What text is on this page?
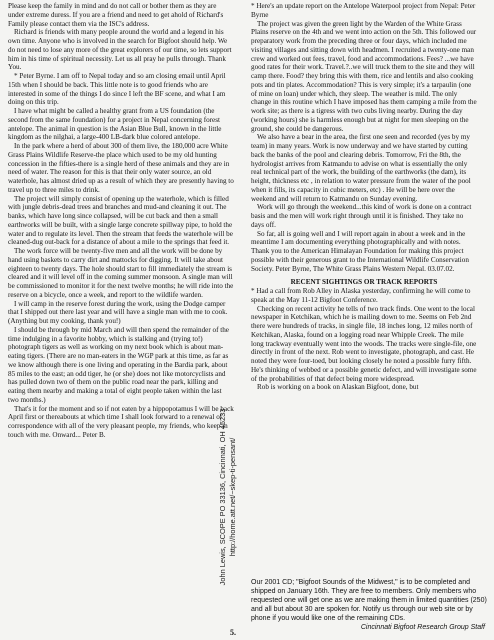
Please keep the family in mind and do not call or bother them as they are under extreme duress. If you are a friend and need to get ahold of Richard's Family please contact them via the ISC's address.

Richard is friends with many people around the world and a legend in his own time. Anyone who is involved in the search for Bigfoot should help. We do not need to lose any more of the great explorers of our time, so lets support him in his time of spiritual necessity. Let us all pray he pulls through. Thank You.

* Peter Byrne. I am off to Nepal today and so am closing email until April 15th when I should be back. This little note is to good friends who are interested in some of the things I do since I left the BF scene, and what I am doing on this trip.

I have what might be called a healthy grant from a US foundation (the second from the same foundation) for a project in Nepal concerning forest antelope. The animal in question is the Asian Blue Bull, known in the little kingdom as the nilghai, a large-400 LB-dark blue colored antelope.

In the park where a herd of about 300 of them live, the 180,000 acre White Grass Plains Wildlife Reserve-the place which used to be my old hunting concession in the fifties-there is a single herd of these animals and they are in need of water. The reason for this is that their only water source, an old waterhole, has almost dried up as a result of which they are presently having to travel up to three miles to drink.

The project will simply consist of opening up the waterhole, which is filled with jungle debris-dead trees and branches and mud-and cleaning it out. The banks, which have long since collapsed, will be cut back and then a small earthworks will be built, with a single large concrete spillway pipe, to hold the water and to regulate its level. Then the stream that feeds the waterhole will be cleaned-dug out-back for a distance of about a mile to the springs that feed it.

The work force will be twenty-five men and all the work will be done by hand using baskets to carry dirt and mattocks for digging. It will take about eighteen to twenty days. The hole should start to fill immediately the stream is cleared and it will level off in the coming summer monsoon. A single man will be commissioned to monitor it for the next twelve months; he will ride into the reserve on a bicycle, once a week, and report to the wildlife warden.

I will camp in the reserve forest during the work, using the Dodge camper that I shipped out there last year and will have a single man with me to cook. (Anything but my cooking, thank you!)

I should be through by mid March and will then spend the remainder of the time indulging in a favorite hobby, which is stalking and (trying to!) photograph tigers as well as working on my next book which is about man-eating tigers. (There are no man-eaters in the WGP park at this time, as far as we know although there is one living and operating in the Bardia park, about 85 miles to the east; an odd tiger, he (or she) does not like motorcyclists and has pulled down two of them on the public road near the park, killing and eating them nearby and making a total of eight people taken within the last two months.)

That's it for the moment and so if not eaten by a hippopotamus I will be back April first or thereabouts at which time I shall look forward to a renewal of correspondence with all of the very pleasant people, my friends, who keep in touch with me. Onward... Peter B.

* Here's an update report on the Antelope Waterpool project from Nepal: Peter Byrne

The project was given the green light by the Warden of the White Grass Plains reserve on the 4th and we went into action on the 5th. This followed our preparatory work from the preceding three or four days, which included me visiting villages and sitting down with headmen. I recruited a twenty-one man crew and worked out fees, travel, food and accommodations. Fees? ...we have good rates for their work. Travel.?..we will truck them to the site and they will camp there. Food? they bring this with them, rice and lentils and also cooking pots and tin plates. Accommodation? This is very simple; it's a tarpaulin (one of mine on loan) under which, they sleep. The weather is mild. The only change in this routine which I have imposed has them camping a mile from the work site; as there is a tigress with two cubs living nearby. During the day (working hours) she is harmless enough but at night for men sleeping on the ground, she could be dangerous.

We also have a bear in the area, the first one seen and recorded (yes by my team) in many years. Work is now underway and we have started by cutting back the banks of the pool and clearing debris. Tomorrow, Fri the 8th, the hydrologist arrives from Katmandu to advise on what is essentially the only real technical part of the work, the building of the earthworks (the dam), its height, thickness etc , in relation to water pressure from the water of the pool when it fills, its capacity in cubic meters, etc) . He will be here over the weekend and will return to Katmandu on Sunday evening.

Work will go through the weekend...this kind of work is done on a contract basis and the men will work right through until it is finished. They take no days off.

So far, all is going well and I will report again in about a week and in the meantime I am documenting everything photographically and with notes. Thank you to the American Himalayan Foundation for making this project possible with their generous grant to the International Wildlife Conservation Society. Peter Byrne, The White Grass Plains Western Nepal. 03.07.02.

RECENT SIGHTINGS OR TRACK REPORTS

* Had a call from Rob Alley in Alaska yesterday, confirming he will come to speak at the May 11-12 Bigfoot Conference.

Checking on recent activity he tells of two track finds. One went to the local newspaper in Ketchikan, which he is mailing down to me. Seems on Feb 2nd there were hundreds of tracks, in single file, 18 inches long, 12 miles north of Ketchikan, Alaska, found on a logging road near Whipple Creek. The mile long trackway eventually went into the woods. The tracks were single-file, one directly in front of the next. Rob went to investigate, photograph, and cast. He noted they were four-toed, but looking closely he noted a possible furry fifth. He's thinking of webbed or a possible genetic defect, and will investigate some of the probabilities of that defect being more widespread.

Rob is working on a book on Alaskan Bigfoot, done, but

John Lewis, SCOPE PO 33136, Cincinnati, OH 45233 http://home.att.net/~skep-ti-pensant/
Our 2001 CD; "Bigfoot Sounds of the Midwest," is to be completed and shipped on January 16th. They are free to members. Only members who requested one will get one as we are making them in limited quantities (250) and all but about 30 are spoken for. Notify us through our web site or by phone if you would like one of the remaining CDs.
Cincinnati Bigfoot Research Group Staff
5.
